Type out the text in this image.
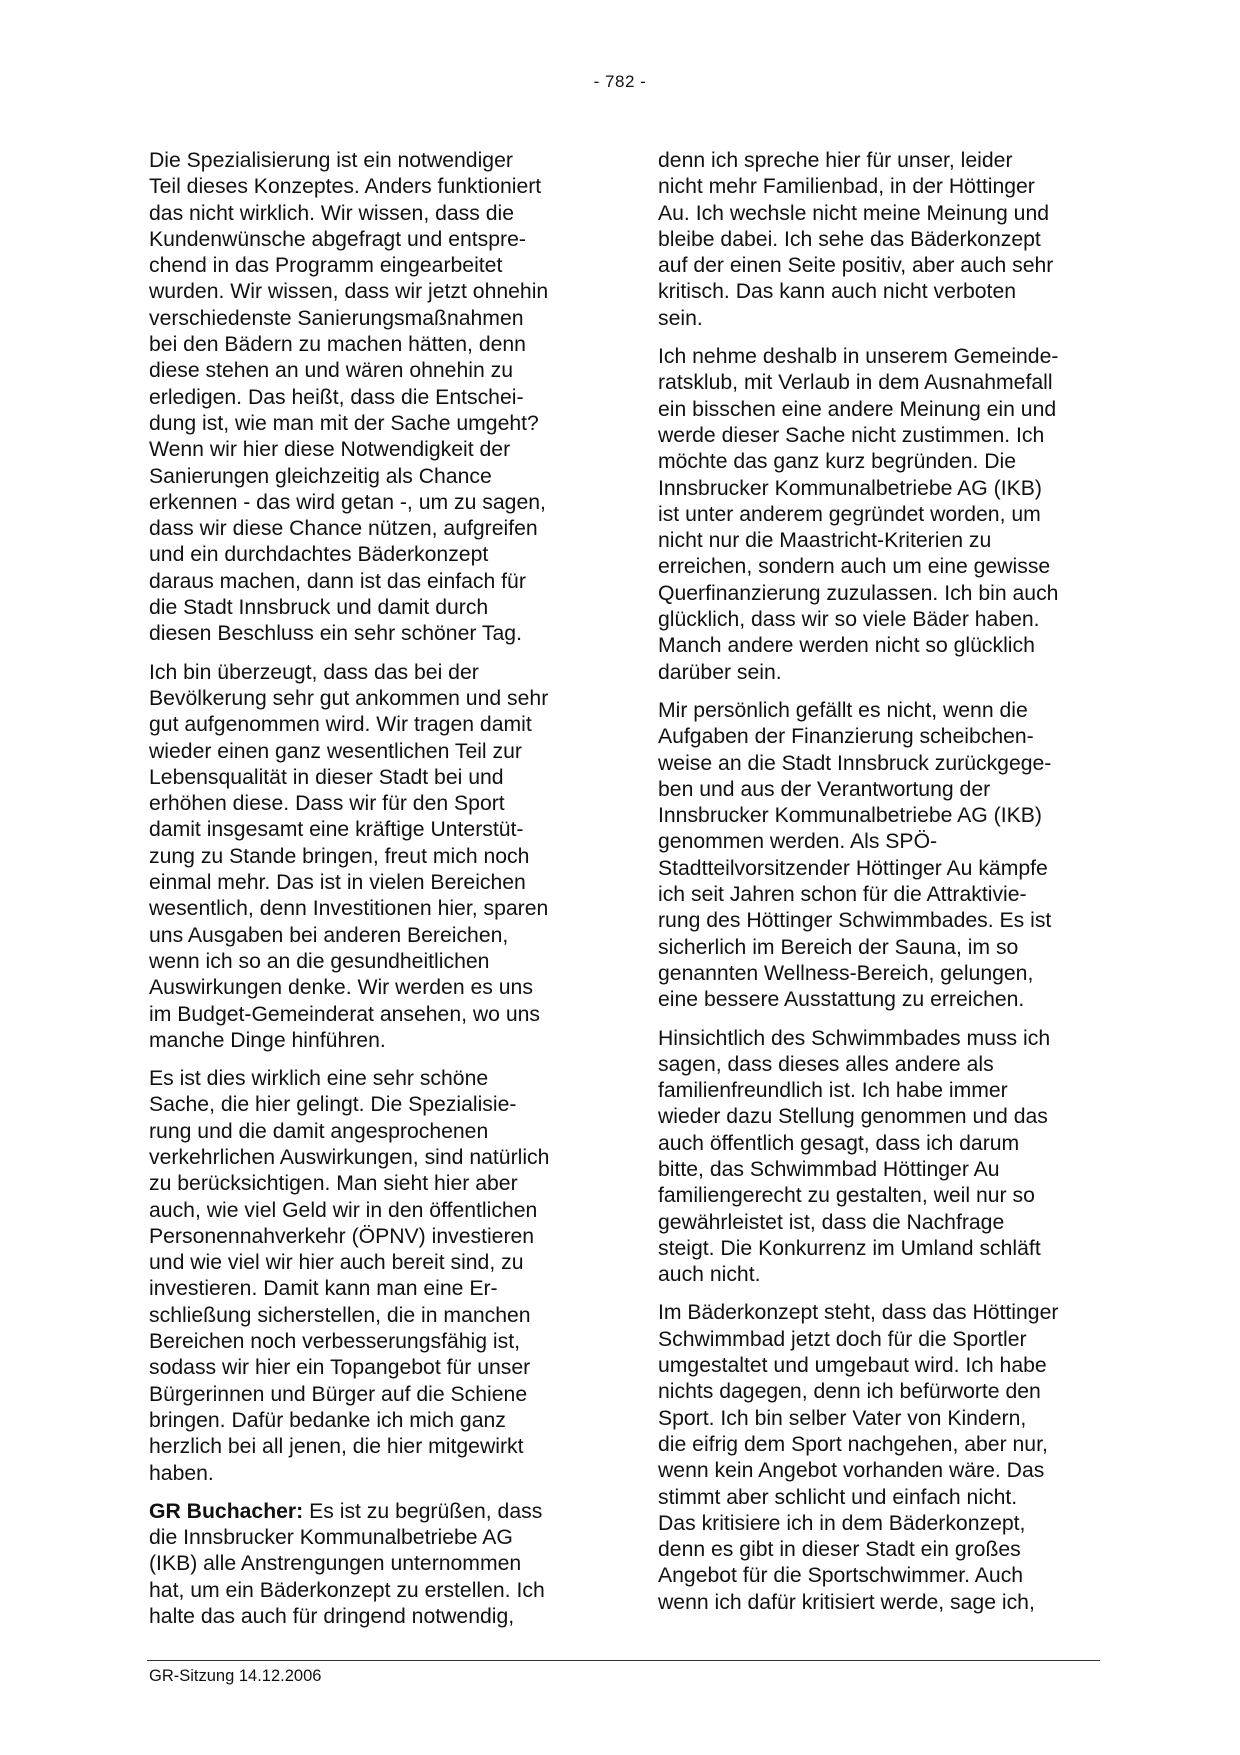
- 782 -
Die Spezialisierung ist ein notwendiger
Teil dieses Konzeptes. Anders funktioniert
das nicht wirklich. Wir wissen, dass die
Kundenwünsche abgefragt und entspre-
chend in das Programm eingearbeitet
wurden. Wir wissen, dass wir jetzt ohnehin
verschiedenste Sanierungsmaßnahmen
bei den Bädern zu machen hätten, denn
diese stehen an und wären ohnehin zu
erledigen. Das heißt, dass die Entschei-
dung ist, wie man mit der Sache umgeht?
Wenn wir hier diese Notwendigkeit der
Sanierungen gleichzeitig als Chance
erkennen - das wird getan -, um zu sagen,
dass wir diese Chance nützen, aufgreifen
und ein durchdachtes Bäderkonzept
daraus machen, dann ist das einfach für
die Stadt Innsbruck und damit durch
diesen Beschluss ein sehr schöner Tag.
Ich bin überzeugt, dass das bei der
Bevölkerung sehr gut ankommen und sehr
gut aufgenommen wird. Wir tragen damit
wieder einen ganz wesentlichen Teil zur
Lebensqualität in dieser Stadt bei und
erhöhen diese. Dass wir für den Sport
damit insgesamt eine kräftige Unterstüt-
zung zu Stande bringen, freut mich noch
einmal mehr. Das ist in vielen Bereichen
wesentlich, denn Investitionen hier, sparen
uns Ausgaben bei anderen Bereichen,
wenn ich so an die gesundheitlichen
Auswirkungen denke. Wir werden es uns
im Budget-Gemeinderat ansehen, wo uns
manche Dinge hinführen.
Es ist dies wirklich eine sehr schöne
Sache, die hier gelingt. Die Spezialisie-
rung und die damit angesprochenen
verkehrlichen Auswirkungen, sind natürlich
zu berücksichtigen. Man sieht hier aber
auch, wie viel Geld wir in den öffentlichen
Personennahverkehr (ÖPNV) investieren
und wie viel wir hier auch bereit sind, zu
investieren. Damit kann man eine Er-
schließung sicherstellen, die in manchen
Bereichen noch verbesserungsfähig ist,
sodass wir hier ein Topangebot für unser
Bürgerinnen und Bürger auf die Schiene
bringen. Dafür bedanke ich mich ganz
herzlich bei all jenen, die hier mitgewirkt
haben.
GR Buchacher: Es ist zu begrüßen, dass
die Innsbrucker Kommunalbetriebe AG
(IKB) alle Anstrengungen unternommen
hat, um ein Bäderkonzept zu erstellen. Ich
halte das auch für dringend notwendig,
denn ich spreche hier für unser, leider
nicht mehr Familienbad, in der Höttinger
Au. Ich wechsle nicht meine Meinung und
bleibe dabei. Ich sehe das Bäderkonzept
auf der einen Seite positiv, aber auch sehr
kritisch. Das kann auch nicht verboten
sein.
Ich nehme deshalb in unserem Gemeinde-
ratsklub, mit Verlaub in dem Ausnahmefall
ein bisschen eine andere Meinung ein und
werde dieser Sache nicht zustimmen. Ich
möchte das ganz kurz begründen. Die
Innsbrucker Kommunalbetriebe AG (IKB)
ist unter anderem gegründet worden, um
nicht nur die Maastricht-Kriterien zu
erreichen, sondern auch um eine gewisse
Querfinanzierung zuzulassen. Ich bin auch
glücklich, dass wir so viele Bäder haben.
Manch andere werden nicht so glücklich
darüber sein.
Mir persönlich gefällt es nicht, wenn die
Aufgaben der Finanzierung scheibchen-
weise an die Stadt Innsbruck zurückgege-
ben und aus der Verantwortung der
Innsbrucker Kommunalbetriebe AG (IKB)
genommen werden. Als SPÖ-
Stadtteilvorsitzender Höttinger Au kämpfe
ich seit Jahren schon für die Attraktivie-
rung des Höttinger Schwimmbades. Es ist
sicherlich im Bereich der Sauna, im so
genannten Wellness-Bereich, gelungen,
eine bessere Ausstattung zu erreichen.
Hinsichtlich des Schwimmbades muss ich
sagen, dass dieses alles andere als
familienfreundlich ist. Ich habe immer
wieder dazu Stellung genommen und das
auch öffentlich gesagt, dass ich darum
bitte, das Schwimmbad Höttinger Au
familiengerecht zu gestalten, weil nur so
gewährleistet ist, dass die Nachfrage
steigt. Die Konkurrenz im Umland schläft
auch nicht.
Im Bäderkonzept steht, dass das Höttinger
Schwimmbad jetzt doch für die Sportler
umgestaltet und umgebaut wird. Ich habe
nichts dagegen, denn ich befürworte den
Sport. Ich bin selber Vater von Kindern,
die eifrig dem Sport nachgehen, aber nur,
wenn kein Angebot vorhanden wäre. Das
stimmt aber schlicht und einfach nicht.
Das kritisiere ich in dem Bäderkonzept,
denn es gibt in dieser Stadt ein großes
Angebot für die Sportschwimmer. Auch
wenn ich dafür kritisiert werde, sage ich,
GR-Sitzung 14.12.2006
